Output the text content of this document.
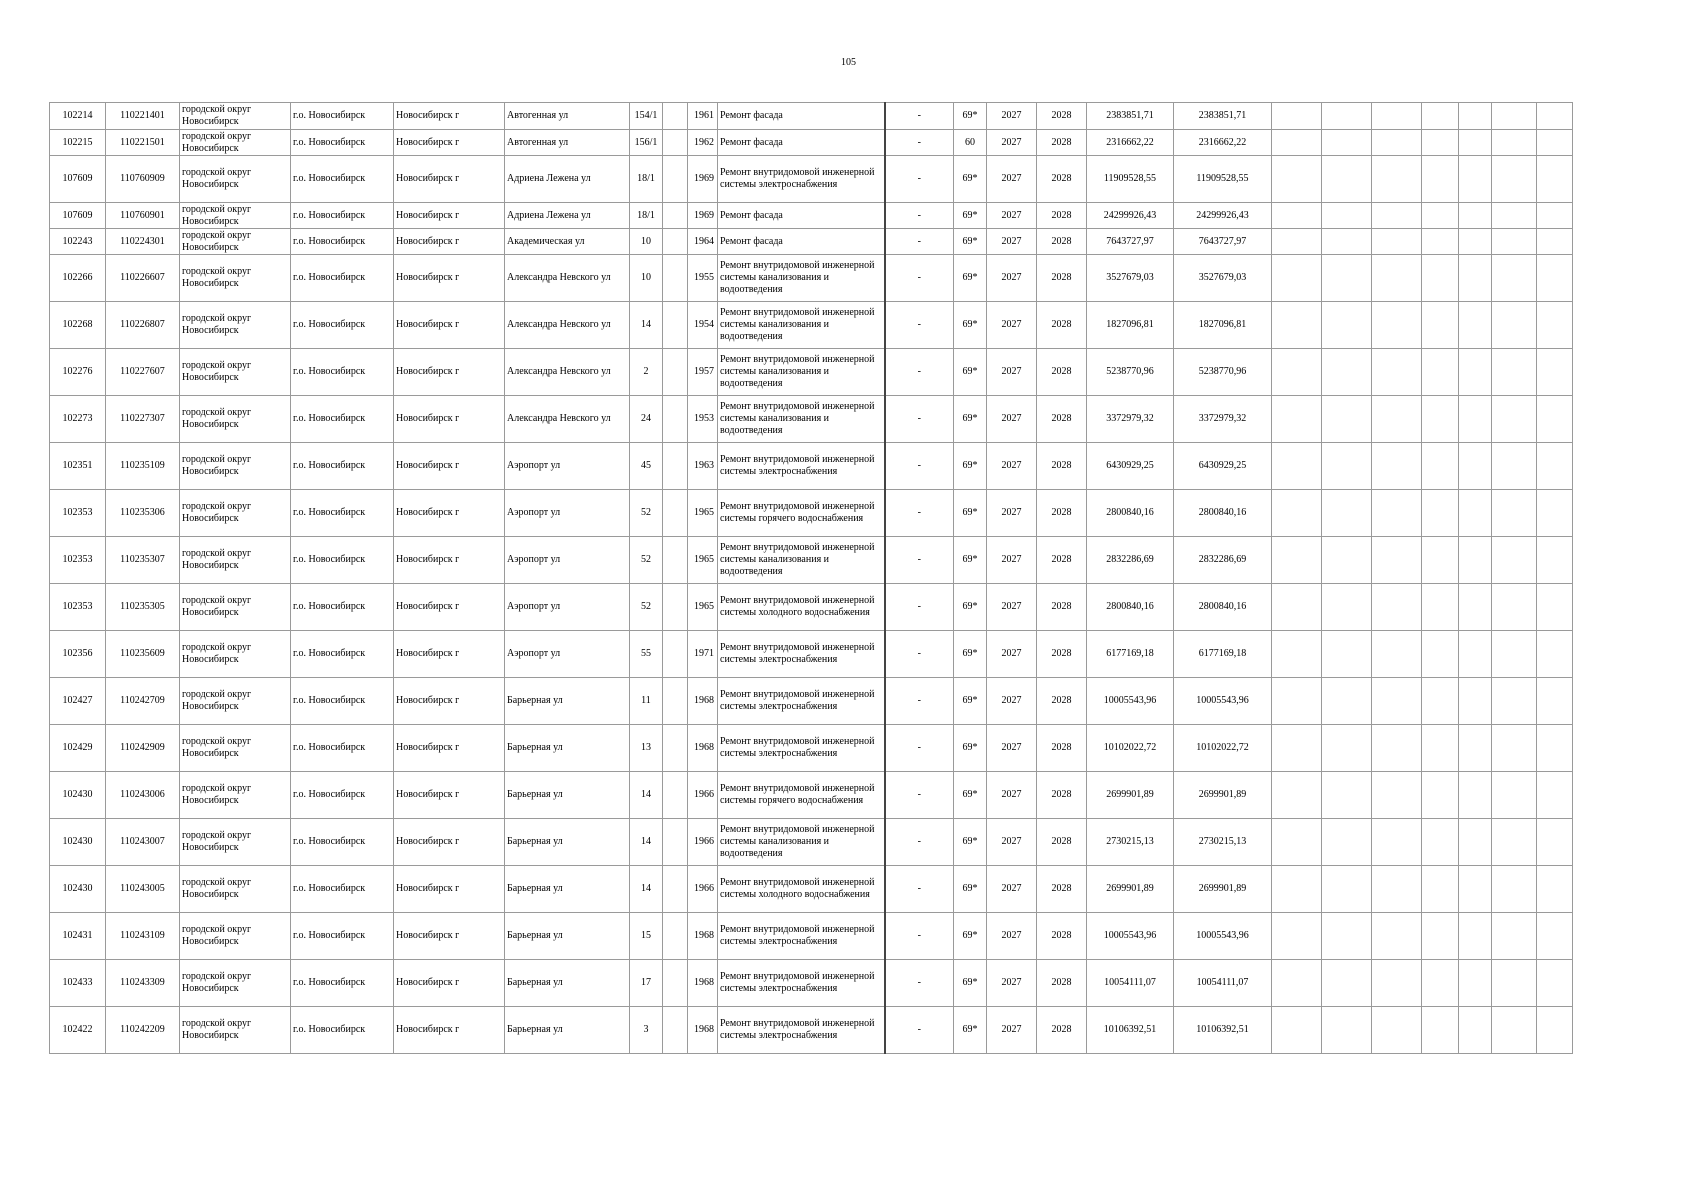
105
102214	110221401	городской округ Новосибирск	г.о. Новосибирск	Новосибирск г	Автогенная ул	154/1		1961	Ремонт фасада	-	69*	2027	2028	2383851,71	2383851,71							
102215	110221501	городской округ Новосибирск	г.о. Новосибирск	Новосибирск г	Автогенная ул	156/1		1962	Ремонт фасада	-	60	2027	2028	2316662,22	2316662,22							
107609	110760909	городской округ Новосибирск	г.о. Новосибирск	Новосибирск г	Адриена Лежена ул	18/1		1969	Ремонт внутридомовой инженерной системы электроснабжения	-	69*	2027	2028	11909528,55	11909528,55							
107609	110760901	городской округ Новосибирск	г.о. Новосибирск	Новосибирск г	Адриена Лежена ул	18/1		1969	Ремонт фасада	-	69*	2027	2028	24299926,43	24299926,43							
102243	110224301	городской округ Новосибирск	г.о. Новосибирск	Новосибирск г	Академическая ул	10		1964	Ремонт фасада	-	69*	2027	2028	7643727,97	7643727,97							
102266	110226607	городской округ Новосибирск	г.о. Новосибирск	Новосибирск г	Александра Невского ул	10		1955	Ремонт внутридомовой инженерной системы канализования и водоотведения	-	69*	2027	2028	3527679,03	3527679,03							
102268	110226807	городской округ Новосибирск	г.о. Новосибирск	Новосибирск г	Александра Невского ул	14		1954	Ремонт внутридомовой инженерной системы канализования и водоотведения	-	69*	2027	2028	1827096,81	1827096,81							
102276	110227607	городской округ Новосибирск	г.о. Новосибирск	Новосибирск г	Александра Невского ул	2		1957	Ремонт внутридомовой инженерной системы канализования и водоотведения	-	69*	2027	2028	5238770,96	5238770,96							
102273	110227307	городской округ Новосибирск	г.о. Новосибирск	Новосибирск г	Александра Невского ул	24		1953	Ремонт внутридомовой инженерной системы канализования и водоотведения	-	69*	2027	2028	3372979,32	3372979,32							
102351	110235109	городской округ Новосибирск	г.о. Новосибирск	Новосибирск г	Аэропорт ул	45		1963	Ремонт внутридомовой инженерной системы электроснабжения	-	69*	2027	2028	6430929,25	6430929,25							
102353	110235306	городской округ Новосибирск	г.о. Новосибирск	Новосибирск г	Аэропорт ул	52		1965	Ремонт внутридомовой инженерной системы горячего водоснабжения	-	69*	2027	2028	2800840,16	2800840,16							
102353	110235307	городской округ Новосибирск	г.о. Новосибирск	Новосибирск г	Аэропорт ул	52		1965	Ремонт внутридомовой инженерной системы канализования и водоотведения	-	69*	2027	2028	2832286,69	2832286,69							
102353	110235305	городской округ Новосибирск	г.о. Новосибирск	Новосибирск г	Аэропорт ул	52		1965	Ремонт внутридомовой инженерной системы холодного водоснабжения	-	69*	2027	2028	2800840,16	2800840,16							
102356	110235609	городской округ Новосибирск	г.о. Новосибирск	Новосибирск г	Аэропорт ул	55		1971	Ремонт внутридомовой инженерной системы электроснабжения	-	69*	2027	2028	6177169,18	6177169,18							
102427	110242709	городской округ Новосибирск	г.о. Новосибирск	Новосибирск г	Барьерная ул	11		1968	Ремонт внутридомовой инженерной системы электроснабжения	-	69*	2027	2028	10005543,96	10005543,96							
102429	110242909	городской округ Новосибирск	г.о. Новосибирск	Новосибирск г	Барьерная ул	13		1968	Ремонт внутридомовой инженерной системы электроснабжения	-	69*	2027	2028	10102022,72	10102022,72							
102430	110243006	городской округ Новосибирск	г.о. Новосибирск	Новосибирск г	Барьерная ул	14		1966	Ремонт внутридомовой инженерной системы горячего водоснабжения	-	69*	2027	2028	2699901,89	2699901,89							
102430	110243007	городской округ Новосибирск	г.о. Новосибирск	Новосибирск г	Барьерная ул	14		1966	Ремонт внутридомовой инженерной системы канализования и водоотведения	-	69*	2027	2028	2730215,13	2730215,13							
102430	110243005	городской округ Новосибирск	г.о. Новосибирск	Новосибирск г	Барьерная ул	14		1966	Ремонт внутридомовой инженерной системы холодного водоснабжения	-	69*	2027	2028	2699901,89	2699901,89							
102431	110243109	городской округ Новосибирск	г.о. Новосибирск	Новосибирск г	Барьерная ул	15		1968	Ремонт внутридомовой инженерной системы электроснабжения	-	69*	2027	2028	10005543,96	10005543,96							
102433	110243309	городской округ Новосибирск	г.о. Новосибирск	Новосибирск г	Барьерная ул	17		1968	Ремонт внутридомовой инженерной системы электроснабжения	-	69*	2027	2028	10054111,07	10054111,07							
102422	110242209	городской округ Новосибирск	г.о. Новосибирск	Новосибирск г	Барьерная ул	3		1968	Ремонт внутридомовой инженерной системы электроснабжения	-	69*	2027	2028	10106392,51	10106392,51							
